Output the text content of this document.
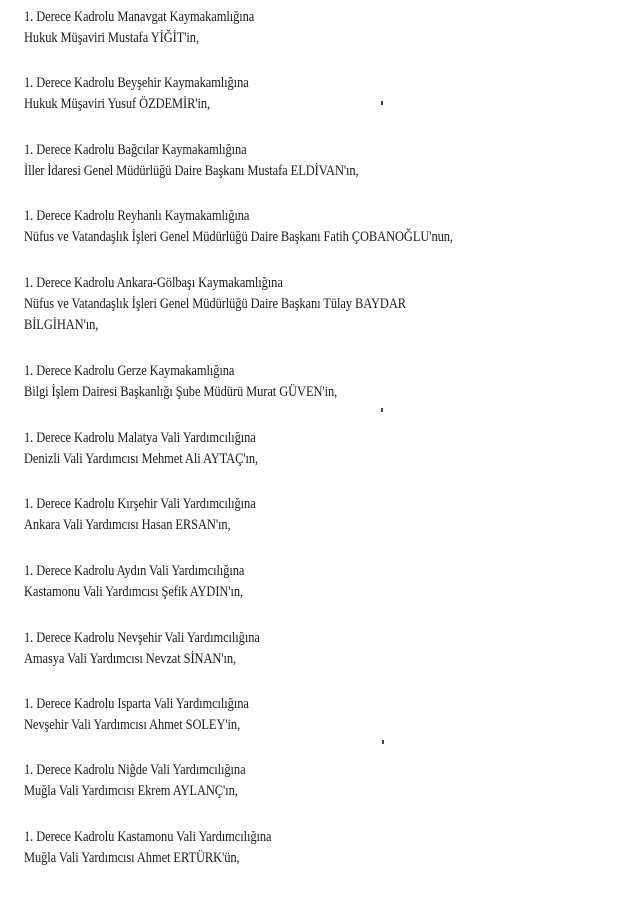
1. Derece Kadrolu Manavgat Kaymakamlığına
Hukuk Müşaviri Mustafa YİĞİT'in,
1. Derece Kadrolu Beyşehir Kaymakamlığına
Hukuk Müşaviri Yusuf ÖZDEMİR'in,
1. Derece Kadrolu Bağcılar Kaymakamlığına
İller İdaresi Genel Müdürlüğü Daire Başkanı Mustafa ELDİVAN'ın,
1. Derece Kadrolu Reyhanlı Kaymakamlığına
Nüfus ve Vatandaşlık İşleri Genel Müdürlüğü Daire Başkanı Fatih ÇOBANOĞLU'nun,
1. Derece Kadrolu Ankara-Gölbaşı Kaymakamlığına
Nüfus ve Vatandaşlık İşleri Genel Müdürlüğü Daire Başkanı Tülay BAYDAR
BİLGİHAN'ın,
1. Derece Kadrolu Gerze Kaymakamlığına
Bilgi İşlem Dairesi Başkanlığı Şube Müdürü Murat GÜVEN'in,
1. Derece Kadrolu Malatya Vali Yardımcılığına
Denizli Vali Yardımcısı Mehmet Ali AYTAÇ'ın,
1. Derece Kadrolu Kırşehir Vali Yardımcılığına
Ankara Vali Yardımcısı Hasan ERSAN'ın,
1. Derece Kadrolu Aydın Vali Yardımcılığına
Kastamonu Vali Yardımcısı Şefik AYDIN'ın,
1. Derece Kadrolu Nevşehir Vali Yardımcılığına
Amasya Vali Yardımcısı Nevzat SİNAN'ın,
1. Derece Kadrolu Isparta Vali Yardımcılığına
Nevşehir Vali Yardımcısı Ahmet SOLEY'in,
1. Derece Kadrolu Niğde Vali Yardımcılığına
Muğla Vali Yardımcısı Ekrem AYLANÇ'ın,
1. Derece Kadrolu Kastamonu Vali Yardımcılığına
Muğla Vali Yardımcısı Ahmet ERTÜRK'ün,
